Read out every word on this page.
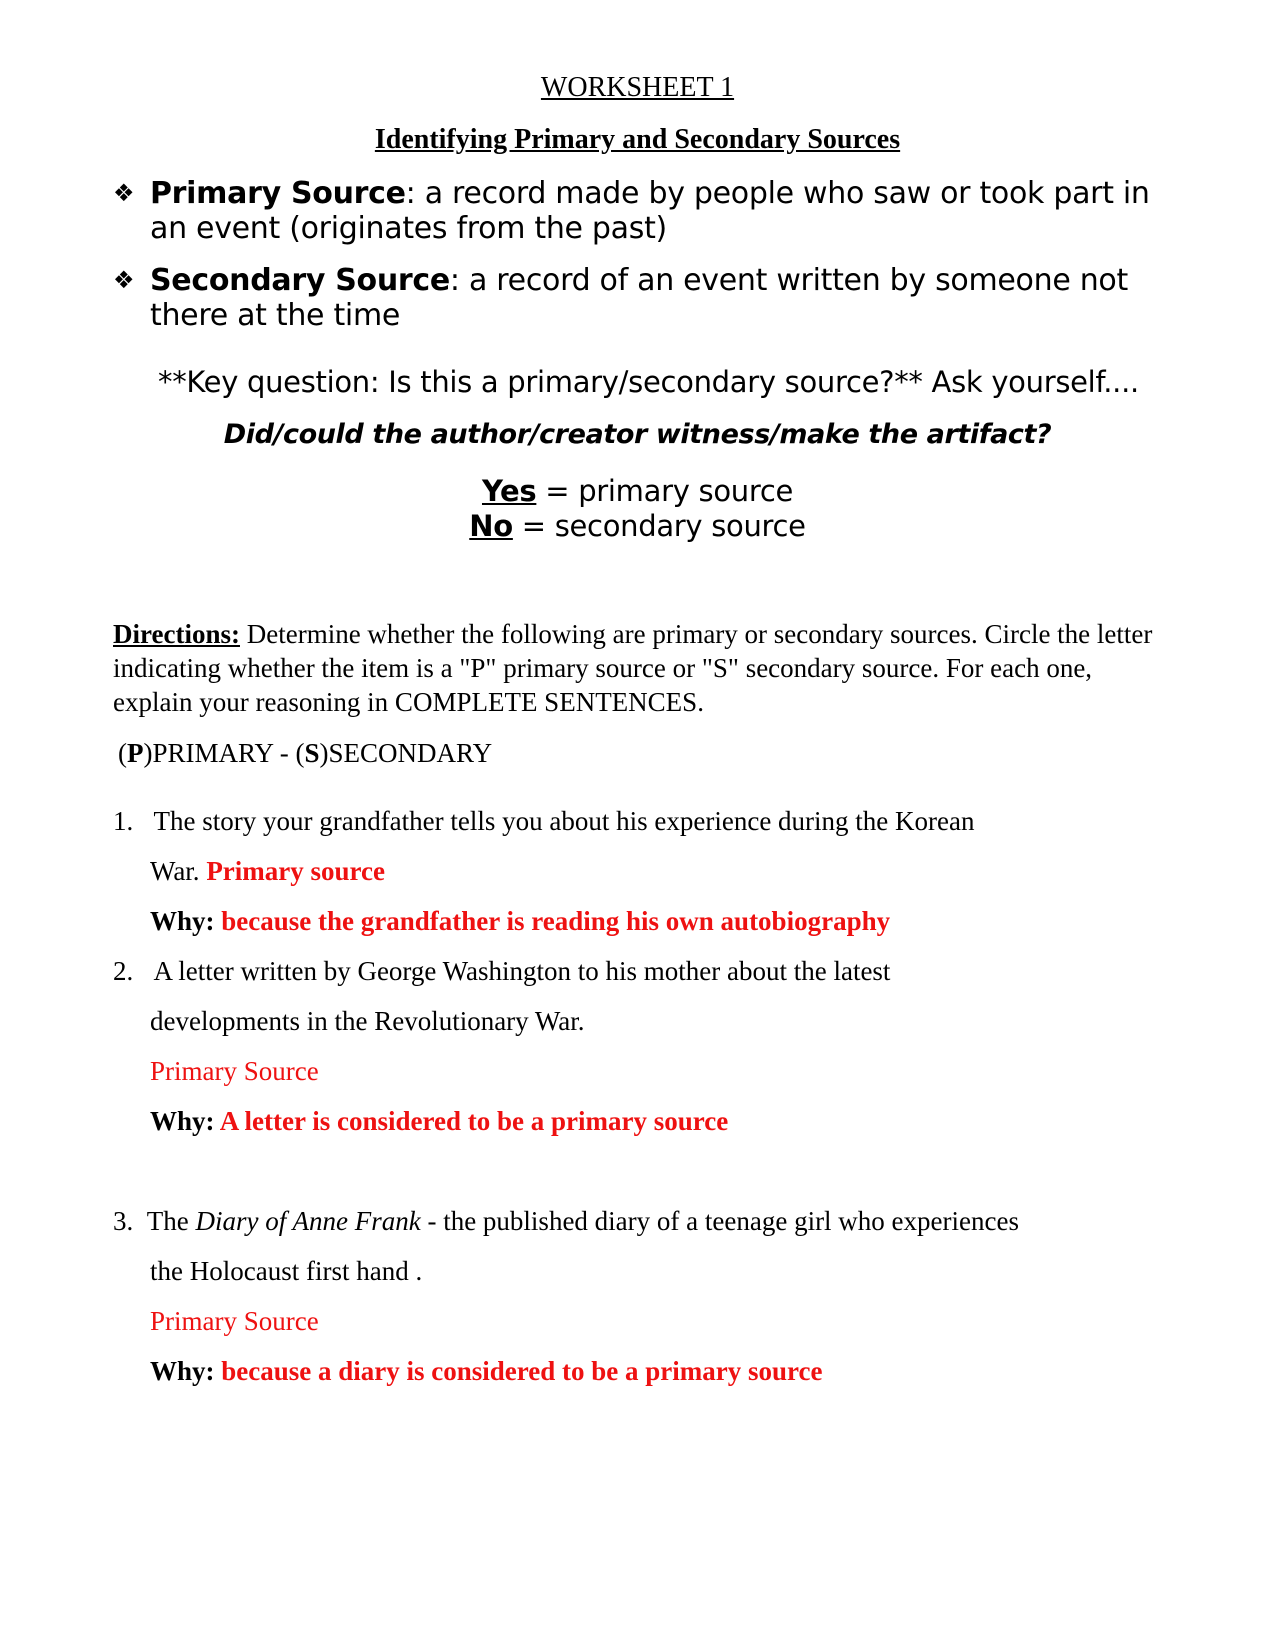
WORKSHEET 1
Identifying Primary and Secondary Sources
❖ Primary Source: a record made by people who saw or took part in an event (originates from the past)
❖ Secondary Source: a record of an event written by someone not there at the time
**Key question: Is this a primary/secondary source?** Ask yourself....
Did/could the author/creator witness/make the artifact?
Yes = primary source
No = secondary source
Directions: Determine whether the following are primary or secondary sources. Circle the letter indicating whether the item is a "P" primary source or "S" secondary source. For each one, explain your reasoning in COMPLETE SENTENCES.
(P)PRIMARY - (S)SECONDARY
1. The story your grandfather tells you about his experience during the Korean
War. Primary source
Why: because the grandfather is reading his own autobiography
2. A letter written by George Washington to his mother about the latest
developments in the Revolutionary War.
Primary Source
Why: A letter is considered to be a primary source
3. The Diary of Anne Frank - the published diary of a teenage girl who experiences
the Holocaust first hand .
Primary Source
Why: because a diary is considered to be a primary source
